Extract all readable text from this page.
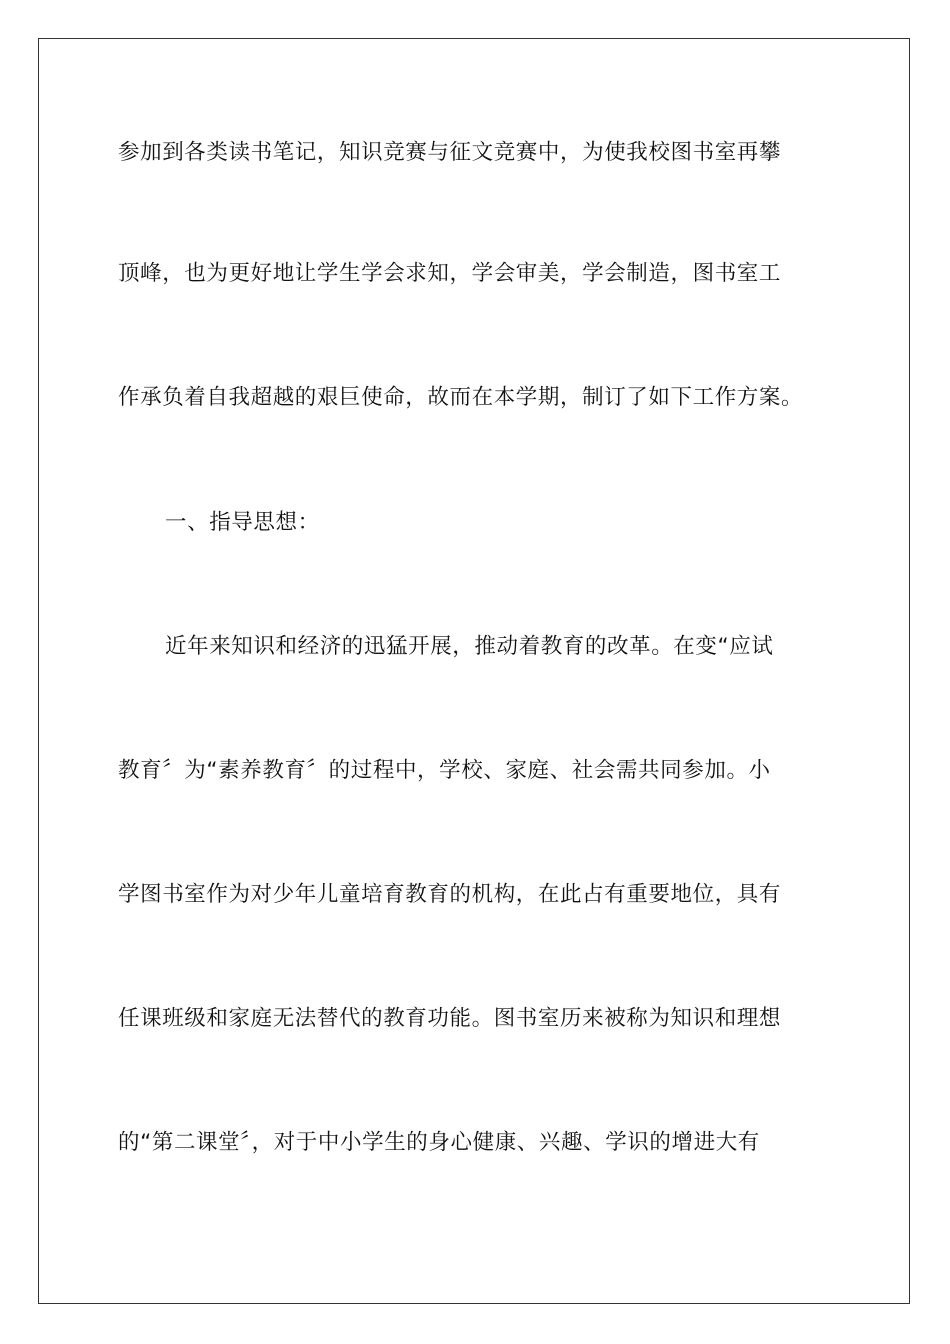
参加到各类读书笔记，知识竞赛与征文竞赛中，为使我校图书室再攀
顶峰，也为更好地让学生学会求知，学会审美，学会制造，图书室工
作承负着自我超越的艰巨使命，故而在本学期，制订了如下工作方案。
一、指导思想：
近年来知识和经济的迅猛开展，推动着教育的改革。在变“应试
教育〞为“素养教育〞的过程中，学校、家庭、社会需共同参加。小
学图书室作为对少年儿童培育教育的机构，在此占有重要地位，具有
任课班级和家庭无法替代的教育功能。图书室历来被称为知识和理想
的“第二课堂〞，对于中小学生的身心健康、兴趣、学识的增进大有
